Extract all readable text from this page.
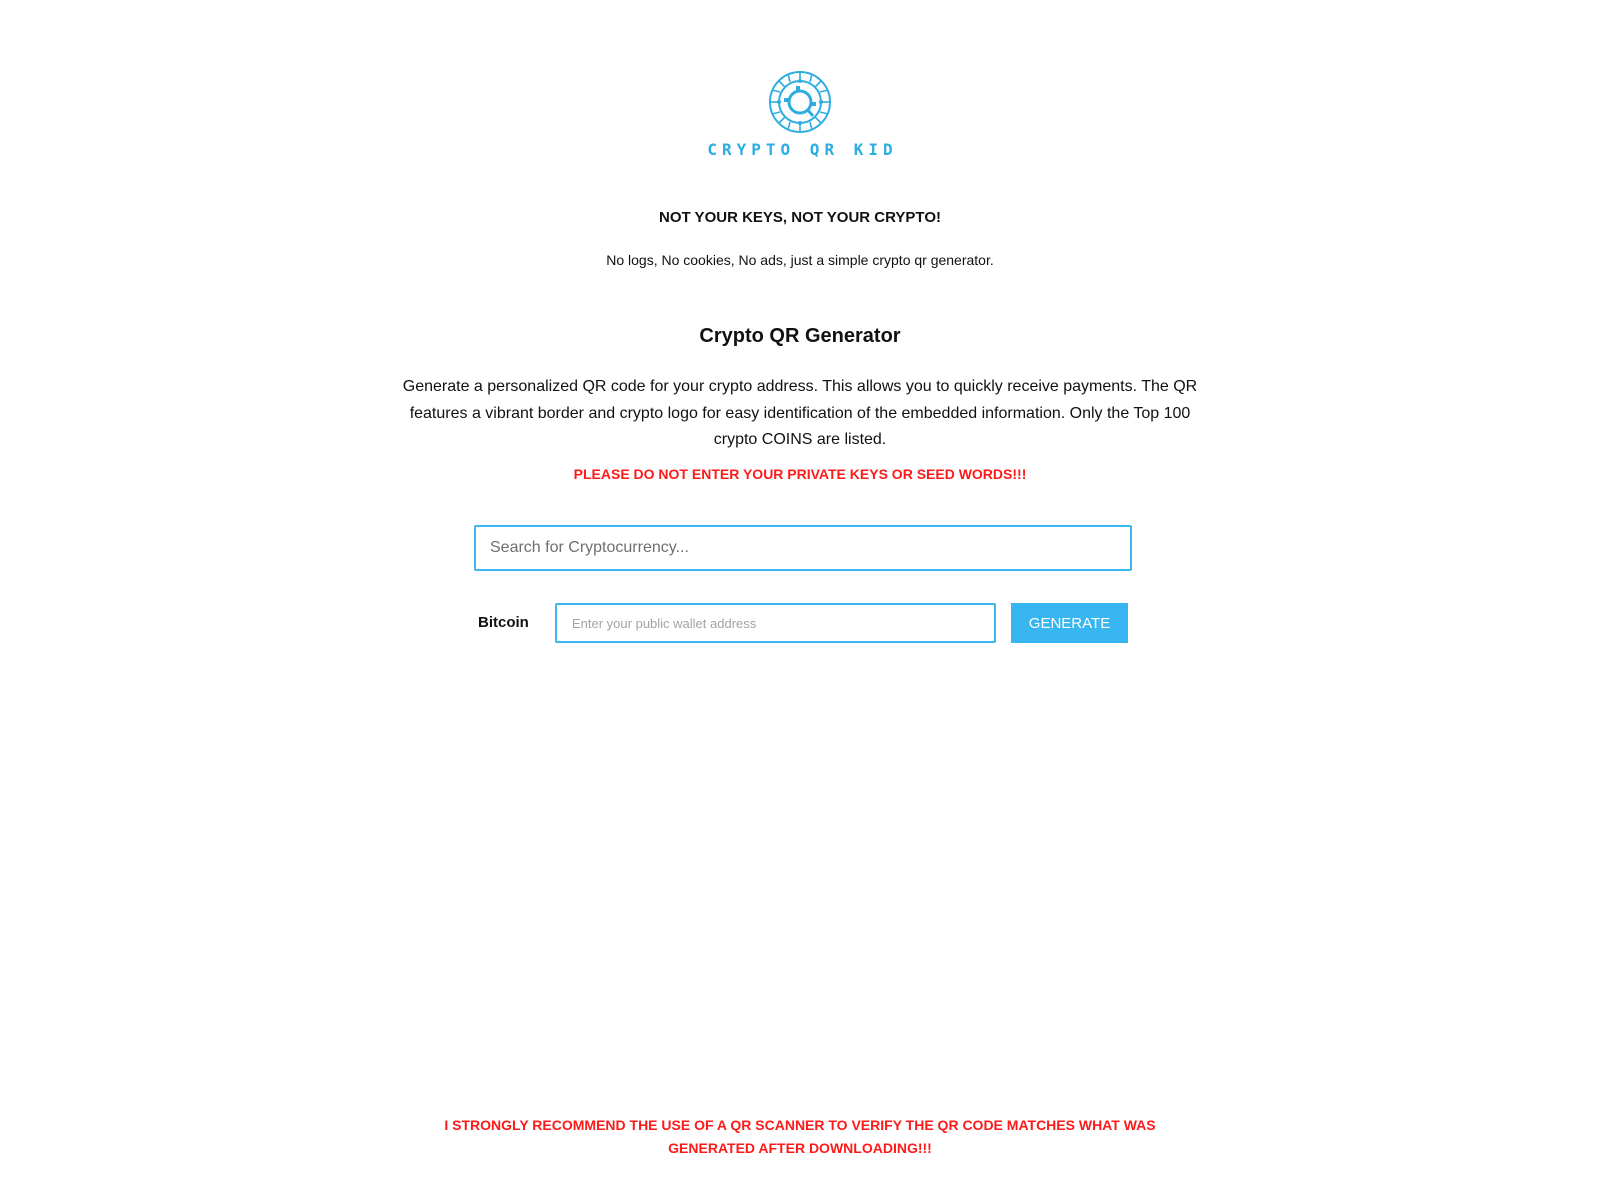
CRYPTO QR KID
NOT YOUR KEYS, NOT YOUR CRYPTO!
No logs, No cookies, No ads, just a simple crypto qr generator.
Crypto QR Generator

Generate a personalized QR code for your crypto address. This allows you to quickly receive payments. The QR features a vibrant border and crypto logo for easy identification of the embedded information. Only the Top 100 crypto COINS are listed.

PLEASE DO NOT ENTER YOUR PRIVATE KEYS OR SEED WORDS!!!
Search for Cryptocurrency...
Bitcoin
Enter your public wallet address	GENERATE
I STRONGLY RECOMMEND THE USE OF A QR SCANNER TO VERIFY THE QR CODE MATCHES WHAT WAS GENERATED AFTER DOWNLOADING!!!
